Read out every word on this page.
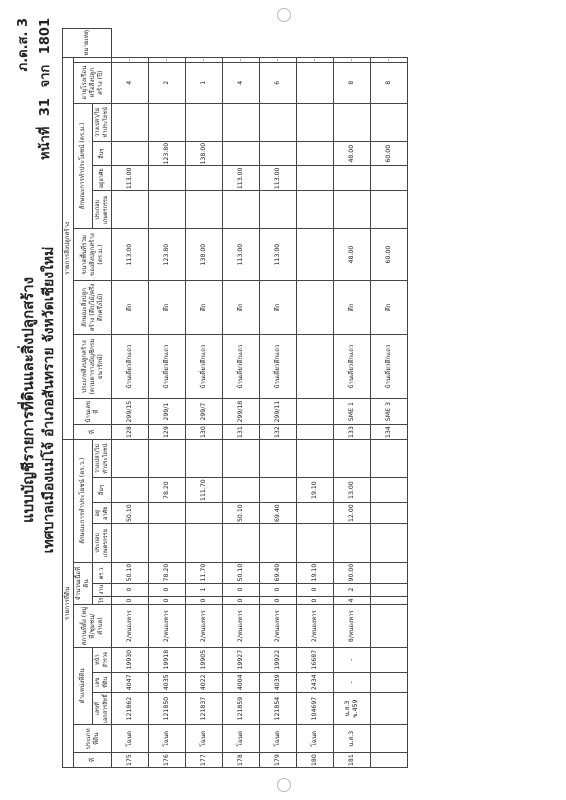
แบบบัญชีรายการที่ดินและสิ่งปลูกสร้าง เทศบาลเมืองแม่โจ้ อำเภอสันทราย จังหวัดเชียงใหม่
ภ.ด.ส. 3
หน้าที่ 31 จาก 1801
รายการที่ดิน													รายการสิ่งปลูกสร้าง											หมายเหตุ
ที่	ประเภทที่ดิน	ตำแหน่งที่ดิน			สถานที่ตั้ง (หมู่ที่/ชุมชน/ตำบล)	จำนวนเนื้อที่ดิน			ลักษณะการทำประโยชน์ (ตร.ว.)				ที่	บ้านเลขที่	ประเภทสิ่งปลูกสร้าง (ตามตารางบัญชีกรมธนารักษ์)	ลักษณะสิ่งปลูกสร้าง (ตึก/ไม้/ครึ่งตึกครึ่งไม้)	ขนาดพื้นที่รวมของสิ่งปลูกสร้าง (ตร.ม.)	ลักษณะการทำประโยชน์ (ตร.ม.)				อายุโรงเรือนหรือสิ่งปลูกสร้าง (ปี)		
		เลขที่เอกสารสิทธิ์	เลขที่ดิน	หน้าสำรวจ		ไร่	งาน	ตร.ว.	ประกอบเกษตรกรรม	อยู่อาศัย	อื่นๆ	ว่างเปล่า/ไม่ทำประโยชน์						ประกอบเกษตรกรรม	อยู่อาศัย	อื่นๆ	ว่างเปล่า/ไม่ทำประโยชน์			
175	โฉนด	121862	4047	19930	2/หนองหาร	0	0	50.10		50.10			128	299/15	บ้านเดี่ยวตึกแถว	ตึก	113.00		113.00			4	-	
176	โฉนด	121850	4035	19918	2/หนองหาร	0	0	78.20			78.20		129	299/1	บ้านเดี่ยวตึกแถว	ตึก	123.80			123.80		2	-	
177	โฉนด	121837	4022	19905	2/หนองหาร	0	1	11.70			111.70		130	299/7	บ้านเดี่ยวตึกแถว	ตึก	138.00			138.00		1	-	
178	โฉนด	121859	4004	19927	2/หนองหาร	0	0	50.10		50.10			131	299/18	บ้านเดี่ยวตึกแถว	ตึก	113.00		113.00			4	-	
179	โฉนด	121854	4039	19922	2/หนองหาร	0	0	69.40		69.40			132	299/11	บ้านเดี่ยวตึกแถว	ตึก	113.00		113.00			6	-	
180	โฉนด	104697	2434	16687	2/หนองหาร	0	0	19.10			19.10												-	
181	น.ส.3	น.ส.3 ข.459	-	-	8/หนองหาร	4	2	90.00		12.00	13.00		133	SME 1	บ้านเดี่ยวตึกแถว	ตึก	48.00			48.00		8	-	
													134	SME 3	บ้านเดี่ยวตึกแถว	ตึก	60.00			60.00		8	-	
